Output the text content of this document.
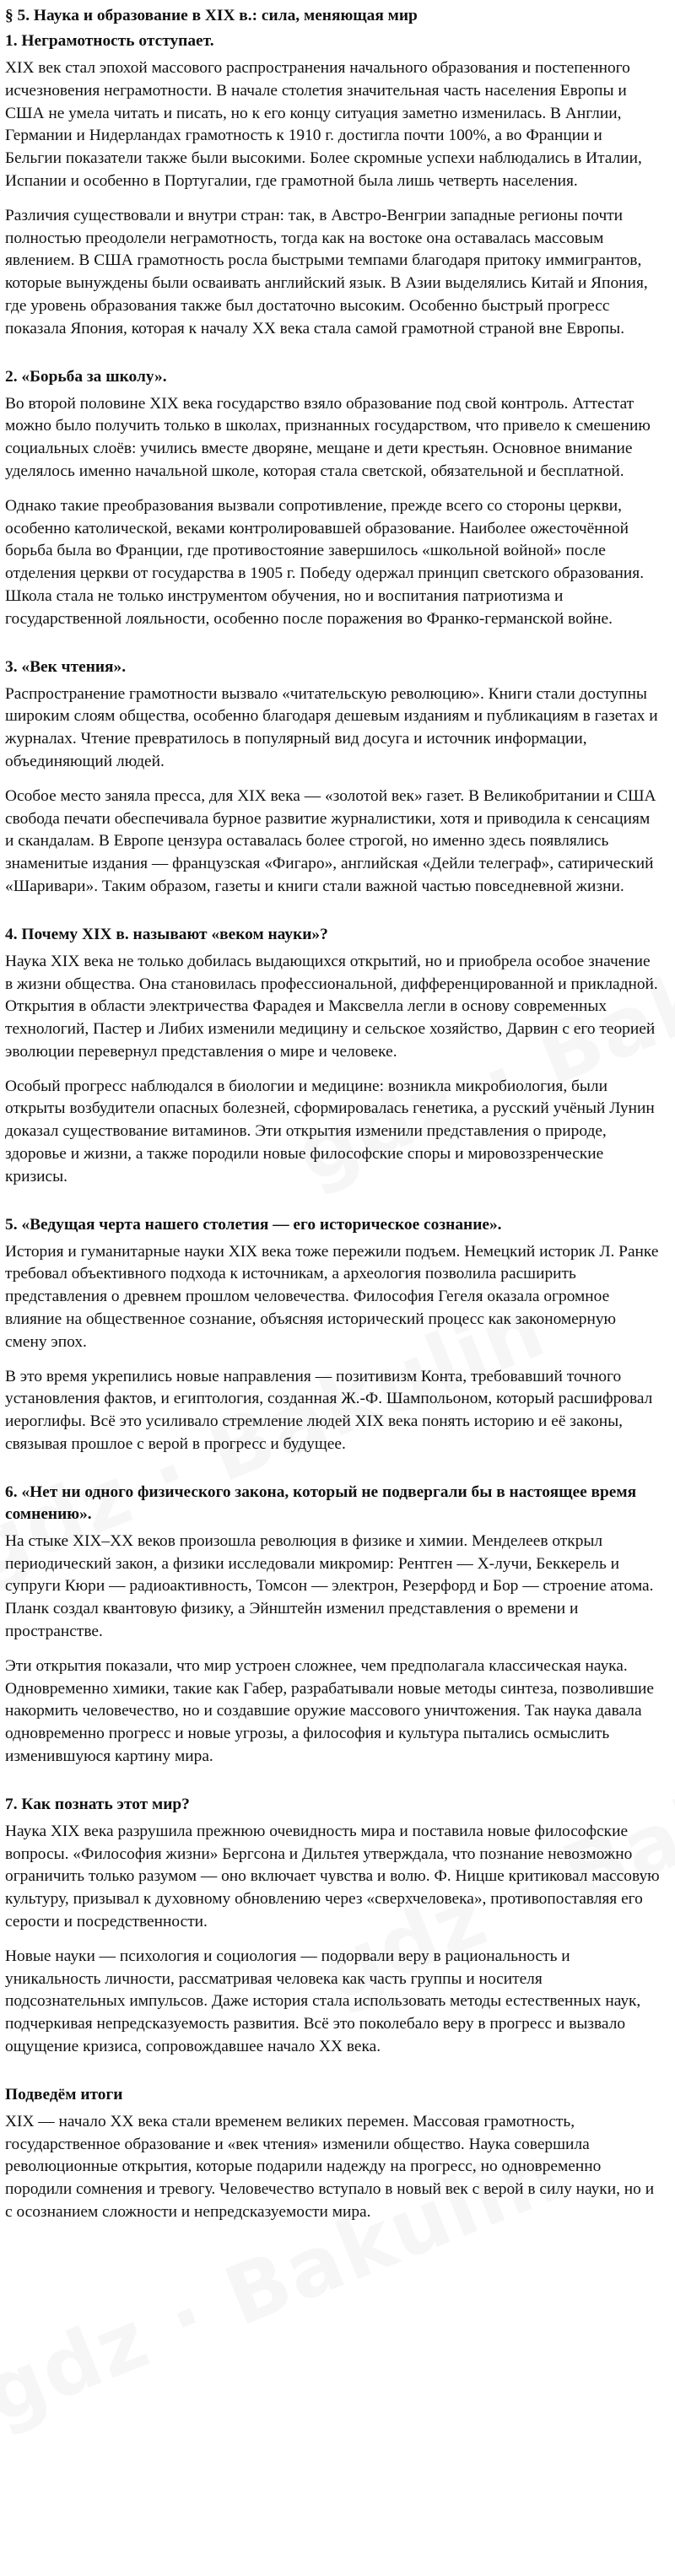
§ 5. Наука и образование в XIX в.: сила, меняющая мир
1. Неграмотность отступает.

XIX век стал эпохой массового распространения начального образования и постепенного исчезновения неграмотности. В начале столетия значительная часть населения Европы и США не умела читать и писать, но к его концу ситуация заметно изменилась. В Англии, Германии и Нидерландах грамотность к 1910 г. достигла почти 100%, а во Франции и Бельгии показатели также были высокими. Более скромные успехи наблюдались в Италии, Испании и особенно в Португалии, где грамотной была лишь четверть населения.

Различия существовали и внутри стран: так, в Австро-Венгрии западные регионы почти полностью преодолели неграмотность, тогда как на востоке она оставалась массовым явлением. В США грамотность росла быстрыми темпами благодаря притоку иммигрантов, которые вынуждены были осваивать английский язык. В Азии выделялись Китай и Япония, где уровень образования также был достаточно высоким. Особенно быстрый прогресс показала Япония, которая к началу XX века стала самой грамотной страной вне Европы.

2. «Борьба за школу».

Во второй половине XIX века государство взяло образование под свой контроль. Аттестат можно было получить только в школах, признанных государством, что привело к смешению социальных слоёв: учились вместе дворяне, мещане и дети крестьян. Основное внимание уделялось именно начальной школе, которая стала светской, обязательной и бесплатной.

Однако такие преобразования вызвали сопротивление, прежде всего со стороны церкви, особенно католической, веками контролировавшей образование. Наиболее ожесточённой борьба была во Франции, где противостояние завершилось «школьной войной» после отделения церкви от государства в 1905 г. Победу одержал принцип светского образования. Школа стала не только инструментом обучения, но и воспитания патриотизма и государственной лояльности, особенно после поражения во Франко-германской войне.

3. «Век чтения».

Распространение грамотности вызвало «читательскую революцию». Книги стали доступны широким слоям общества, особенно благодаря дешевым изданиям и публикациям в газетах и журналах. Чтение превратилось в популярный вид досуга и источник информации, объединяющий людей.

Особое место заняла пресса, для XIX века — «золотой век» газет. В Великобритании и США свобода печати обеспечивала бурное развитие журналистики, хотя и приводила к сенсациям и скандалам. В Европе цензура оставалась более строгой, но именно здесь появлялись знаменитые издания — французская «Фигаро», английская «Дейли телеграф», сатирический «Шаривари». Таким образом, газеты и книги стали важной частью повседневной жизни.

4. Почему XIX в. называют «веком науки»?

Наука XIX века не только добилась выдающихся открытий, но и приобрела особое значение в жизни общества. Она становилась профессиональной, дифференцированной и прикладной. Открытия в области электричества Фарадея и Максвелла легли в основу современных технологий, Пастер и Либих изменили медицину и сельское хозяйство, Дарвин с его теорией эволюции перевернул представления о мире и человеке.

Особый прогресс наблюдался в биологии и медицине: возникла микробиология, были открыты возбудители опасных болезней, сформировалась генетика, а русский учёный Лунин доказал существование витаминов. Эти открытия изменили представления о природе, здоровье и жизни, а также породили новые философские споры и мировоззренческие кризисы.

5. «Ведущая черта нашего столетия — его историческое сознание».

История и гуманитарные науки XIX века тоже пережили подъем. Немецкий историк Л. Ранке требовал объективного подхода к источникам, а археология позволила расширить представления о древнем прошлом человечества. Философия Гегеля оказала огромное влияние на общественное сознание, объясняя исторический процесс как закономерную смену эпох.

В это время укрепились новые направления — позитивизм Конта, требовавший точного установления фактов, и египтология, созданная Ж.-Ф. Шампольоном, который расшифровал иероглифы. Всё это усиливало стремление людей XIX века понять историю и её законы, связывая прошлое с верой в прогресс и будущее.

6. «Нет ни одного физического закона, который не подвергали бы в настоящее время сомнению».

На стыке XIX–XX веков произошла революция в физике и химии. Менделеев открыл периодический закон, а физики исследовали микромир: Рентген — Х-лучи, Беккерель и супруги Кюри — радиоактивность, Томсон — электрон, Резерфорд и Бор — строение атома. Планк создал квантовую физику, а Эйнштейн изменил представления о времени и пространстве.

Эти открытия показали, что мир устроен сложнее, чем предполагала классическая наука. Одновременно химики, такие как Габер, разрабатывали новые методы синтеза, позволившие накормить человечество, но и создавшие оружие массового уничтожения. Так наука давала одновременно прогресс и новые угрозы, а философия и культура пытались осмыслить изменившуюся картину мира.

7. Как познать этот мир?

Наука XIX века разрушила прежнюю очевидность мира и поставила новые философские вопросы. «Философия жизни» Бергсона и Дильтея утверждала, что познание невозможно ограничить только разумом — оно включает чувства и волю. Ф. Ницше критиковал массовую культуру, призывал к духовному обновлению через «сверхчеловека», противопоставляя его серости и посредственности.

Новые науки — психология и социология — подорвали веру в рациональность и уникальность личности, рассматривая человека как часть группы и носителя подсознательных импульсов. Даже история стала использовать методы естественных наук, подчеркивая непредсказуемость развития. Всё это поколебало веру в прогресс и вызвало ощущение кризиса, сопровождавшее начало XX века.

Подведём итоги

XIX — начало XX века стали временем великих перемен. Массовая грамотность, государственное образование и «век чтения» изменили общество. Наука совершила революционные открытия, которые подарили надежду на прогресс, но одновременно породили сомнения и тревогу. Человечество вступало в новый век с верой в силу науки, но и с осознанием сложности и непредсказуемости мира.
